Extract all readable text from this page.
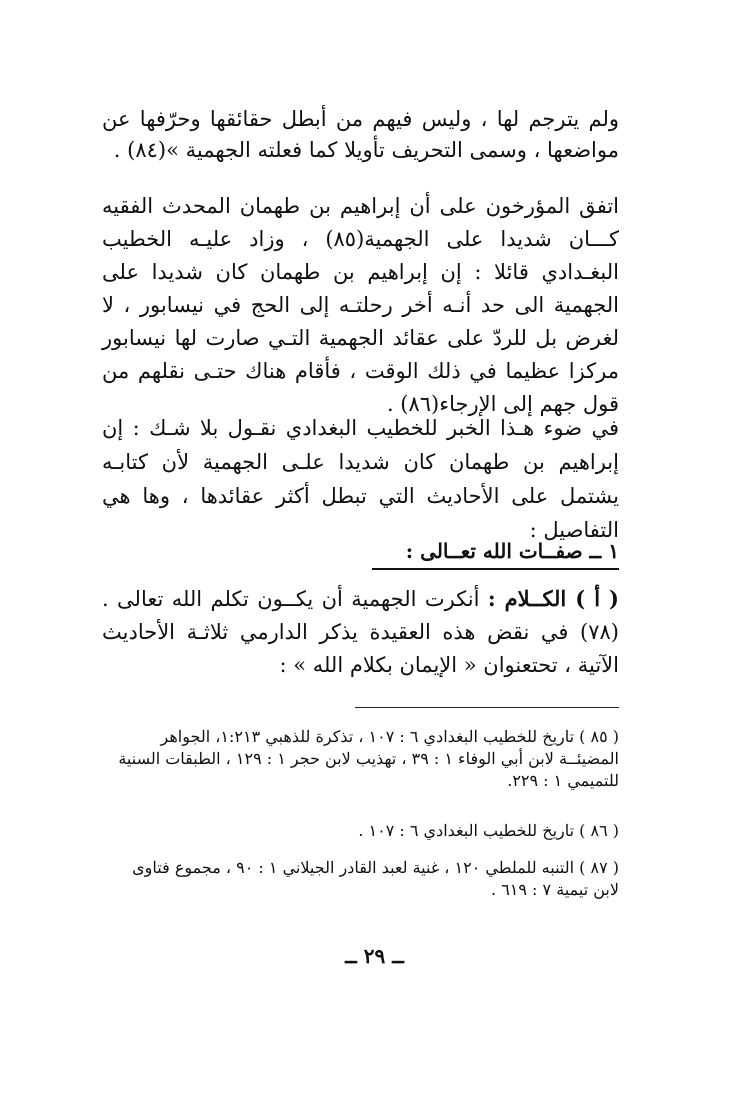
ولم يترجم لها ، وليس فيهم من أبطل حقائقها وحرّفها عن مواضعها ، وسمى التحريف تأويلا كما فعلته الجهمية »(٨٤) .
اتفق المؤرخون على أن إبراهيم بن طهمان المحدث الفقيه كـــان شديدا على الجهمية(٨٥) ، وزاد عليـه الخطيب البغـدادي قائلا : إن إبراهيم بن طهمان كان شديدا على الجهمية الى حد أنـه أخر رحلتـه إلى الحج في نيسابور ، لا لغرض بل للردّ على عقائد الجهمية التـي صارت لها نيسابور مركزا عظيما في ذلك الوقت ، فأقام هناك حتـى نقلهم من قول جهم إلى الإرجاء(٨٦) .
في ضوء هـذا الخبر للخطيب البغدادي نقـول بلا شـك : إن إبراهيم بن طهمان كان شديدا علـى الجهمية لأن كتابـه يشتمل على الأحاديث التي تبطل أكثر عقائدها ، وها هي التفاصيل :
١ ــ صفــات الله تعــالى :
( أ ) الكــلام : أنكرت الجهمية أن يكــون تكلم الله تعالى .(٧٨) في نقض هذه العقيدة يذكر الدارمي ثلاثـة الأحاديث الآتية ، تحتعنوان « الإيمان بكلام الله » :
( ٨٥ ) تاريخ للخطيب البغدادي ٦ : ١٠٧ ، تذكرة للذهبي ١:٢١٣، الجواهر المضيئــة لابن أبي الوفاء ١ : ٣٩ ، تهذيب لابن حجر ١ : ١٢٩ ، الطبقات السنية للتميمي ١ : ٢٢٩.
( ٨٦ ) تاريخ للخطيب البغدادي ٦ : ١٠٧ .
( ٨٧ ) التنبه للملطي ١٢٠ ، غنية لعبد القادر الجيلاني ١ : ٩٠ ، مجموع فتاوى لابن تيمية ٧ : ٦١٩ .
ــ ٢٩ ــ
